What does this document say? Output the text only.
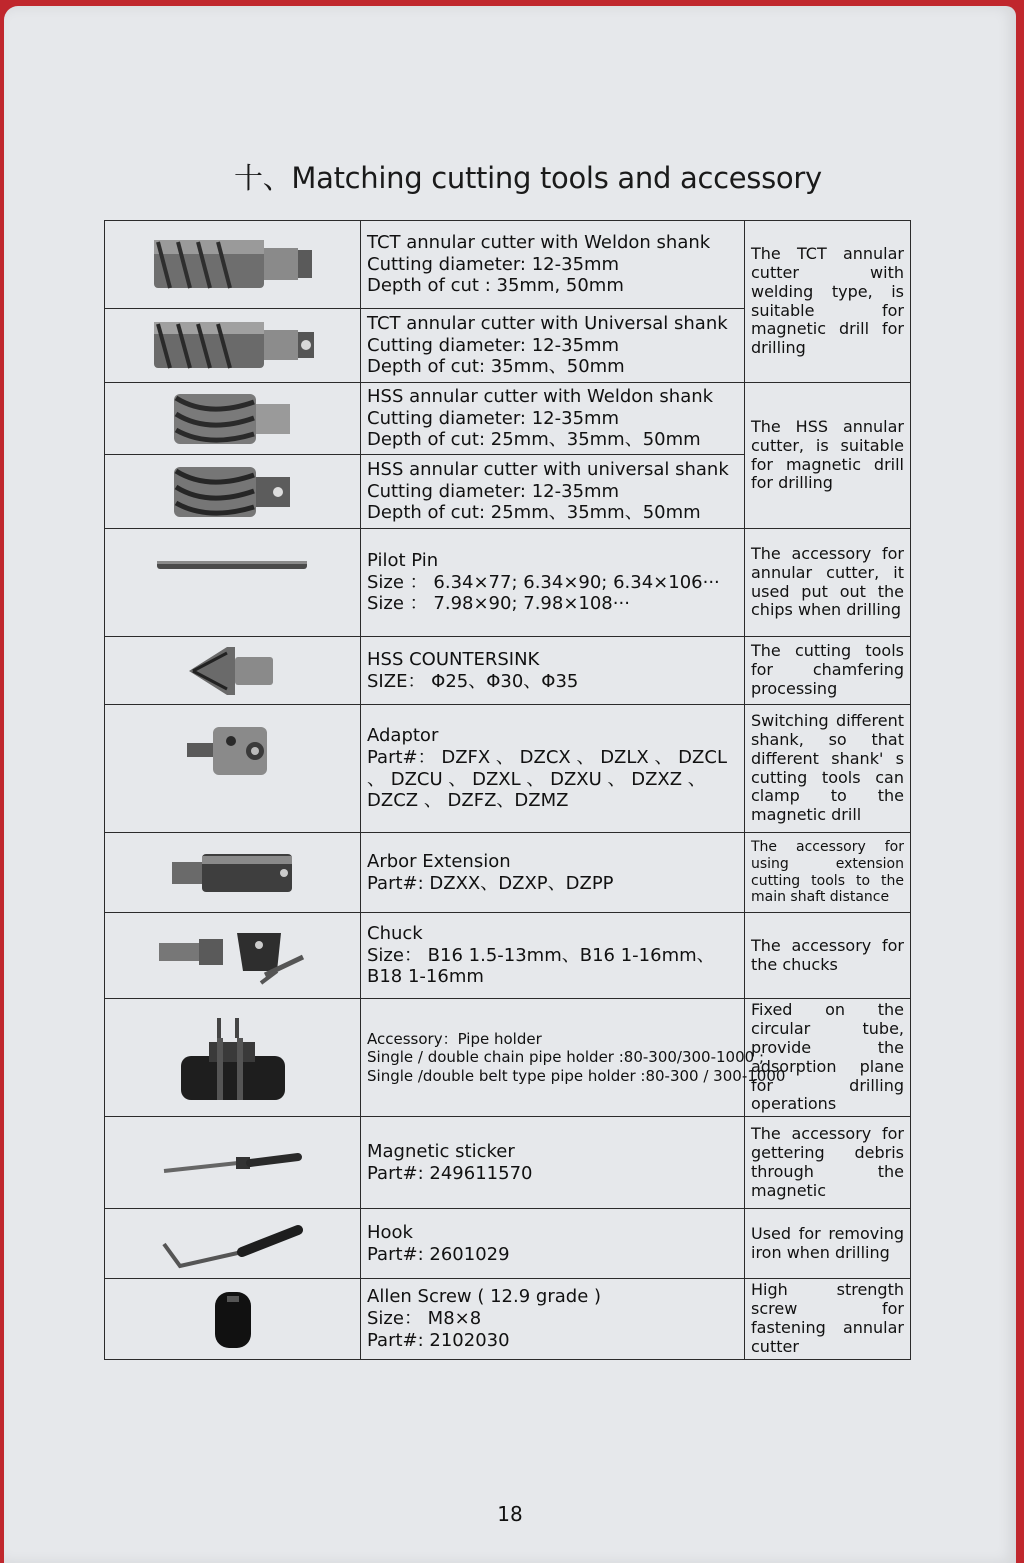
十、Matching cutting tools and accessory

TCT annular cutter with Weldon shank
Cutting diameter: 12-35mm
Depth of cut : 35mm, 50mm	The TCT annular cutter with welding type, is suitable for magnetic drill for drilling

TCT annular cutter with Universal shank
Cutting diameter: 12-35mm
Depth of cut: 35mm、50mm	

HSS annular cutter with Weldon shank
Cutting diameter: 12-35mm
Depth of cut: 25mm、35mm、50mm	The HSS annular cutter, is suitable for magnetic drill for drilling

HSS annular cutter with universal shank
Cutting diameter: 12-35mm
Depth of cut: 25mm、35mm、50mm	

Pilot Pin
Size ： 6.34×77; 6.34×90; 6.34×106···
Size ： 7.98×90; 7.98×108···	The accessory for annular cutter, it used put out the chips when drilling

HSS COUNTERSINK
SIZE： Φ25、Φ30、Φ35	The cutting tools for chamfering processing

Adaptor
Part#： DZFX 、 DZCX 、 DZLX 、 DZCL 、 DZCU 、 DZXL 、 DZXU 、 DZXZ 、 DZCZ 、 DZFZ、DZMZ	Switching different shank, so that different shank' s cutting tools can clamp to the magnetic drill

Arbor Extension
Part#: DZXX、DZXP、DZPP	The accessory for using extension cutting tools to the main shaft distance

Chuck
Size： B16 1.5-13mm、B16 1-16mm、B18 1-16mm	The accessory for the chucks

Accessory：Pipe holder
Single / double chain pipe holder :80-300/300-1000 ;
Single /double belt type pipe holder :80-300 / 300-1000	Fixed on the circular tube, provide the adsorption plane for drilling operations

Magnetic sticker
Part#: 249611570	The accessory for gettering debris through the magnetic

Hook
Part#: 2601029	Used for removing iron when drilling

Allen Screw ( 12.9 grade )
Size： M8×8
Part#: 2102030	High strength screw for fastening annular cutter
18
